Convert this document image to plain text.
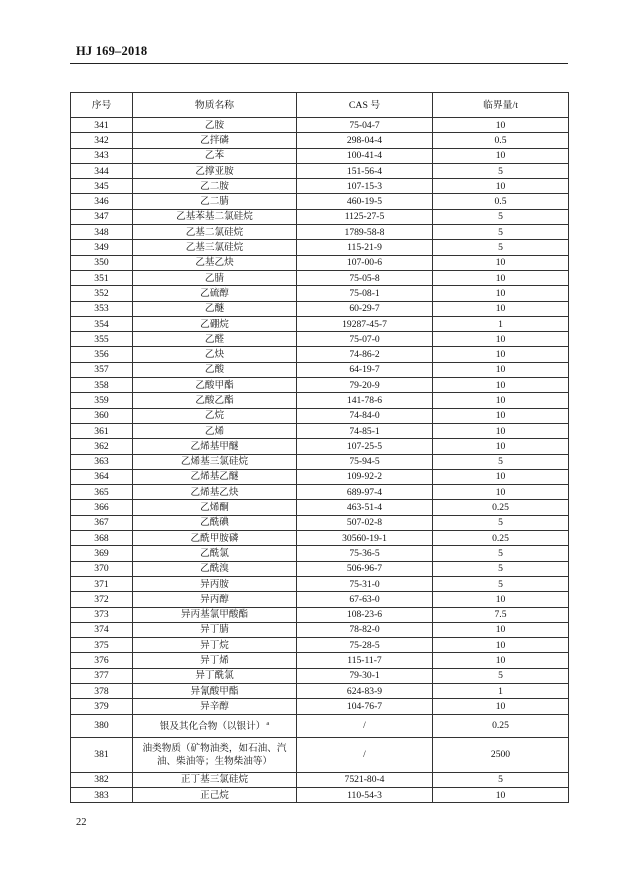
HJ 169–2018
序号	物质名称	CAS 号	临界量/t
341	乙胺	75-04-7	10
342	乙拌磷	298-04-4	0.5
343	乙苯	100-41-4	10
344	乙撑亚胺	151-56-4	5
345	乙二胺	107-15-3	10
346	乙二腈	460-19-5	0.5
347	乙基苯基二氯硅烷	1125-27-5	5
348	乙基二氯硅烷	1789-58-8	5
349	乙基三氯硅烷	115-21-9	5
350	乙基乙炔	107-00-6	10
351	乙腈	75-05-8	10
352	乙硫醇	75-08-1	10
353	乙醚	60-29-7	10
354	乙硼烷	19287-45-7	1
355	乙醛	75-07-0	10
356	乙炔	74-86-2	10
357	乙酸	64-19-7	10
358	乙酸甲酯	79-20-9	10
359	乙酸乙酯	141-78-6	10
360	乙烷	74-84-0	10
361	乙烯	74-85-1	10
362	乙烯基甲醚	107-25-5	10
363	乙烯基三氯硅烷	75-94-5	5
364	乙烯基乙醚	109-92-2	10
365	乙烯基乙炔	689-97-4	10
366	乙烯酮	463-51-4	0.25
367	乙酰碘	507-02-8	5
368	乙酰甲胺磷	30560-19-1	0.25
369	乙酰氯	75-36-5	5
370	乙酰溴	506-96-7	5
371	异丙胺	75-31-0	5
372	异丙醇	67-63-0	10
373	异丙基氯甲酸酯	108-23-6	7.5
374	异丁腈	78-82-0	10
375	异丁烷	75-28-5	10
376	异丁烯	115-11-7	10
377	异丁酰氯	79-30-1	5
378	异氰酸甲酯	624-83-9	1
379	异辛醇	104-76-7	10
380	银及其化合物（以银计）$^a$	/	0.25
381	油类物质（矿物油类，如石油、汽油、柴油等；生物柴油等）	/	2500
382	正丁基三氯硅烷	7521-80-4	5
383	正己烷	110-54-3	10
22
